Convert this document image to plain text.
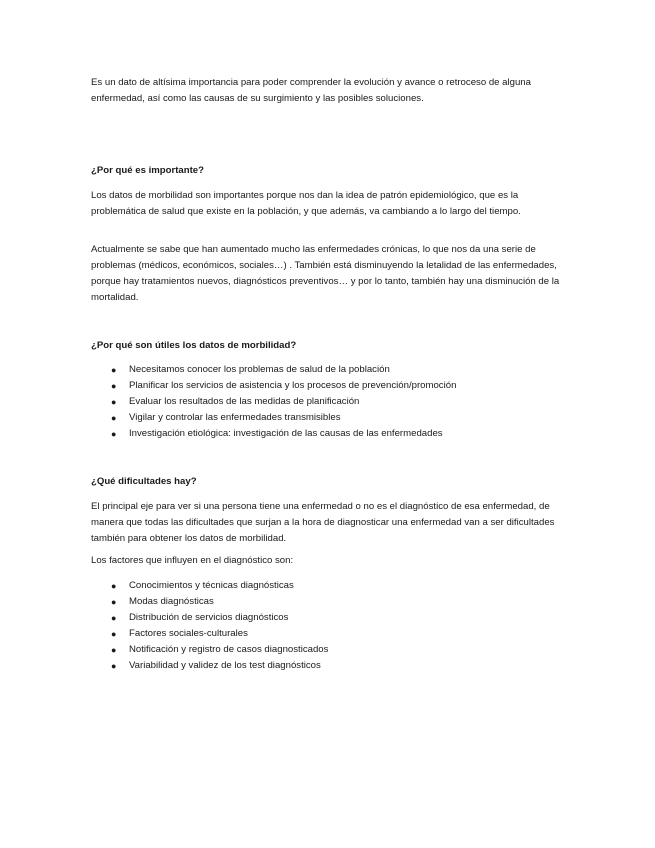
Es un dato de altísima importancia para poder comprender la evolución y avance o retroceso de alguna enfermedad, así como las causas de su surgimiento y las posibles soluciones.

¿Por qué es importante?

Los datos de morbilidad son importantes porque nos dan la idea de patrón epidemiológico, que es la problemática de salud que existe en la población, y que además, va cambiando a lo largo del tiempo.

Actualmente se sabe que han aumentado mucho las enfermedades crónicas, lo que nos da una serie de problemas (médicos, económicos, sociales…) . También está disminuyendo la letalidad de las enfermedades, porque hay tratamientos nuevos, diagnósticos preventivos… y por lo tanto, también hay una disminución de la mortalidad.

¿Por qué son útiles los datos de morbilidad?

● Necesitamos conocer los problemas de salud de la población
● Planificar los servicios de asistencia y los procesos de prevención/promoción
● Evaluar los resultados de las medidas de planificación
● Vigilar y controlar las enfermedades transmisibles
● Investigación etiológica: investigación de las causas de las enfermedades

¿Qué dificultades hay?

El principal eje para ver si una persona tiene una enfermedad o no es el diagnóstico de esa enfermedad, de manera que todas las dificultades que surjan a la hora de diagnosticar una enfermedad van a ser dificultades también para obtener los datos de morbilidad.

Los factores que influyen en el diagnóstico son:

● Conocimientos y técnicas diagnósticas
● Modas diagnósticas
● Distribución de servicios diagnósticos
● Factores sociales-culturales
● Notificación y registro de casos diagnosticados
● Variabilidad y validez de los test diagnósticos
